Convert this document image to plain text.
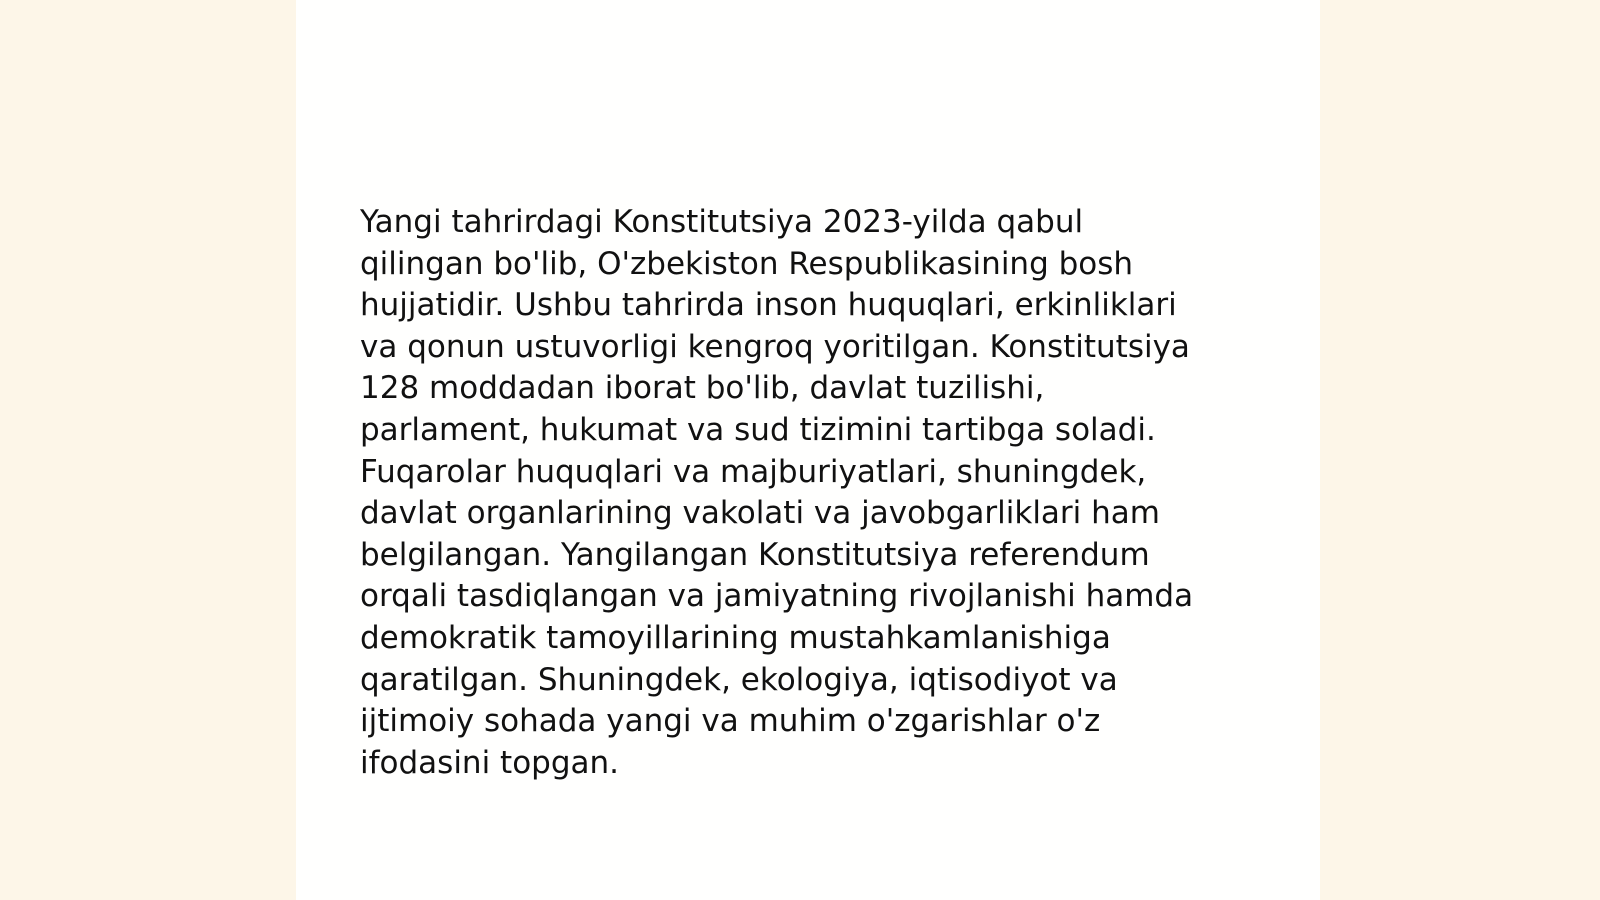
Yangi tahrirdagi Konstitutsiya 2023-yilda qabul
qilingan bo'lib, O'zbekiston Respublikasining bosh
hujjatidir. Ushbu tahrirda inson huquqlari, erkinliklari
va qonun ustuvorligi kengroq yoritilgan. Konstitutsiya
128 moddadan iborat bo'lib, davlat tuzilishi,
parlament, hukumat va sud tizimini tartibga soladi.
Fuqarolar huquqlari va majburiyatlari, shuningdek,
davlat organlarining vakolati va javobgarliklari ham
belgilangan. Yangilangan Konstitutsiya referendum
orqali tasdiqlangan va jamiyatning rivojlanishi hamda
demokratik tamoyillarining mustahkamlanishiga
qaratilgan. Shuningdek, ekologiya, iqtisodiyot va
ijtimoiy sohada yangi va muhim o'zgarishlar o'z
ifodasini topgan.
